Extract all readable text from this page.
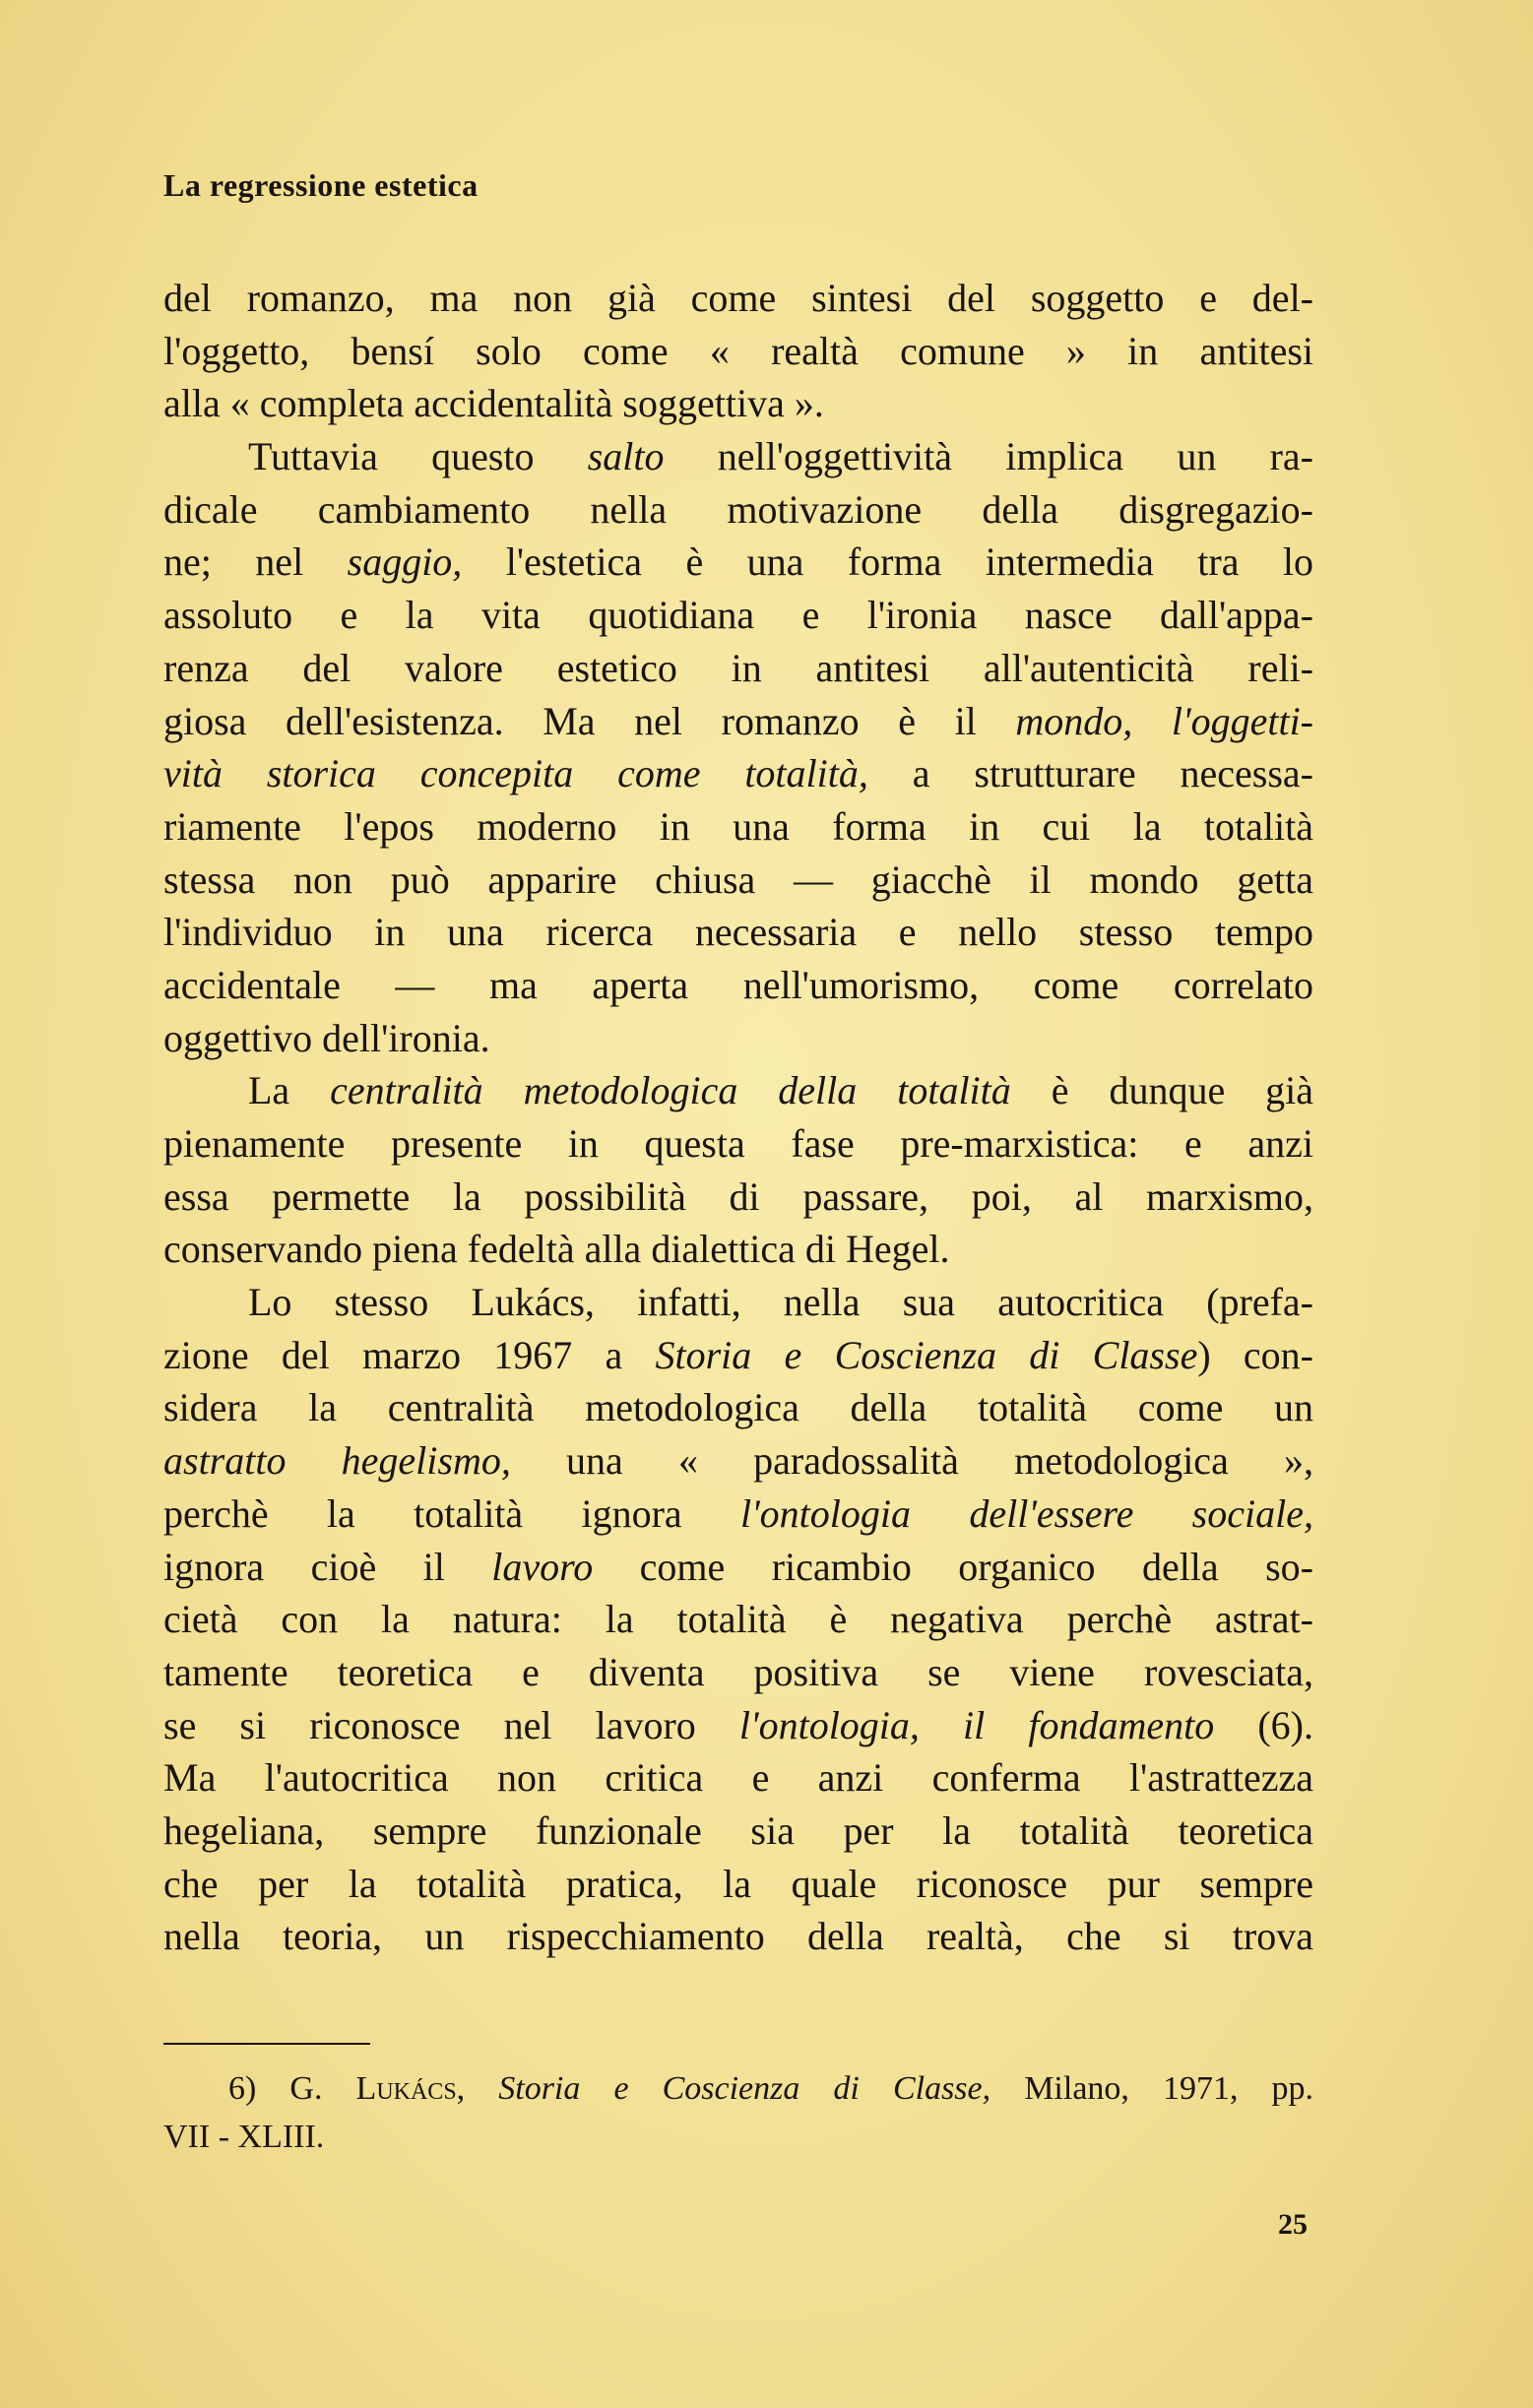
La regressione estetica
del romanzo, ma non già come sintesi del soggetto e del-
l'oggetto, bensí solo come « realtà comune » in antitesi
alla « completa accidentalità soggettiva ».
Tuttavia questo salto nell'oggettività implica un ra-
dicale cambiamento nella motivazione della disgregazio-
ne; nel saggio, l'estetica è una forma intermedia tra lo
assoluto e la vita quotidiana e l'ironia nasce dall'appa-
renza del valore estetico in antitesi all'autenticità reli-
giosa dell'esistenza. Ma nel romanzo è il mondo, l'oggetti-
vità storica concepita come totalità, a strutturare necessa-
riamente l'epos moderno in una forma in cui la totalità
stessa non può apparire chiusa — giacchè il mondo getta
l'individuo in una ricerca necessaria e nello stesso tempo
accidentale — ma aperta nell'umorismo, come correlato
oggettivo dell'ironia.
La centralità metodologica della totalità è dunque già
pienamente presente in questa fase pre-marxistica: e anzi
essa permette la possibilità di passare, poi, al marxismo,
conservando piena fedeltà alla dialettica di Hegel.
Lo stesso Lukács, infatti, nella sua autocritica (prefa-
zione del marzo 1967 a Storia e Coscienza di Classe) con-
sidera la centralità metodologica della totalità come un
astratto hegelismo, una « paradossalità metodologica »,
perchè la totalità ignora l'ontologia dell'essere sociale,
ignora cioè il lavoro come ricambio organico della so-
cietà con la natura: la totalità è negativa perchè astrat-
tamente teoretica e diventa positiva se viene rovesciata,
se si riconosce nel lavoro l'ontologia, il fondamento (6).
Ma l'autocritica non critica e anzi conferma l'astrattezza
hegeliana, sempre funzionale sia per la totalità teoretica
che per la totalità pratica, la quale riconosce pur sempre
nella teoria, un rispecchiamento della realtà, che si trova
6) G. Lukács, Storia e Coscienza di Classe, Milano, 1971, pp.
VII - XLIII.
25
